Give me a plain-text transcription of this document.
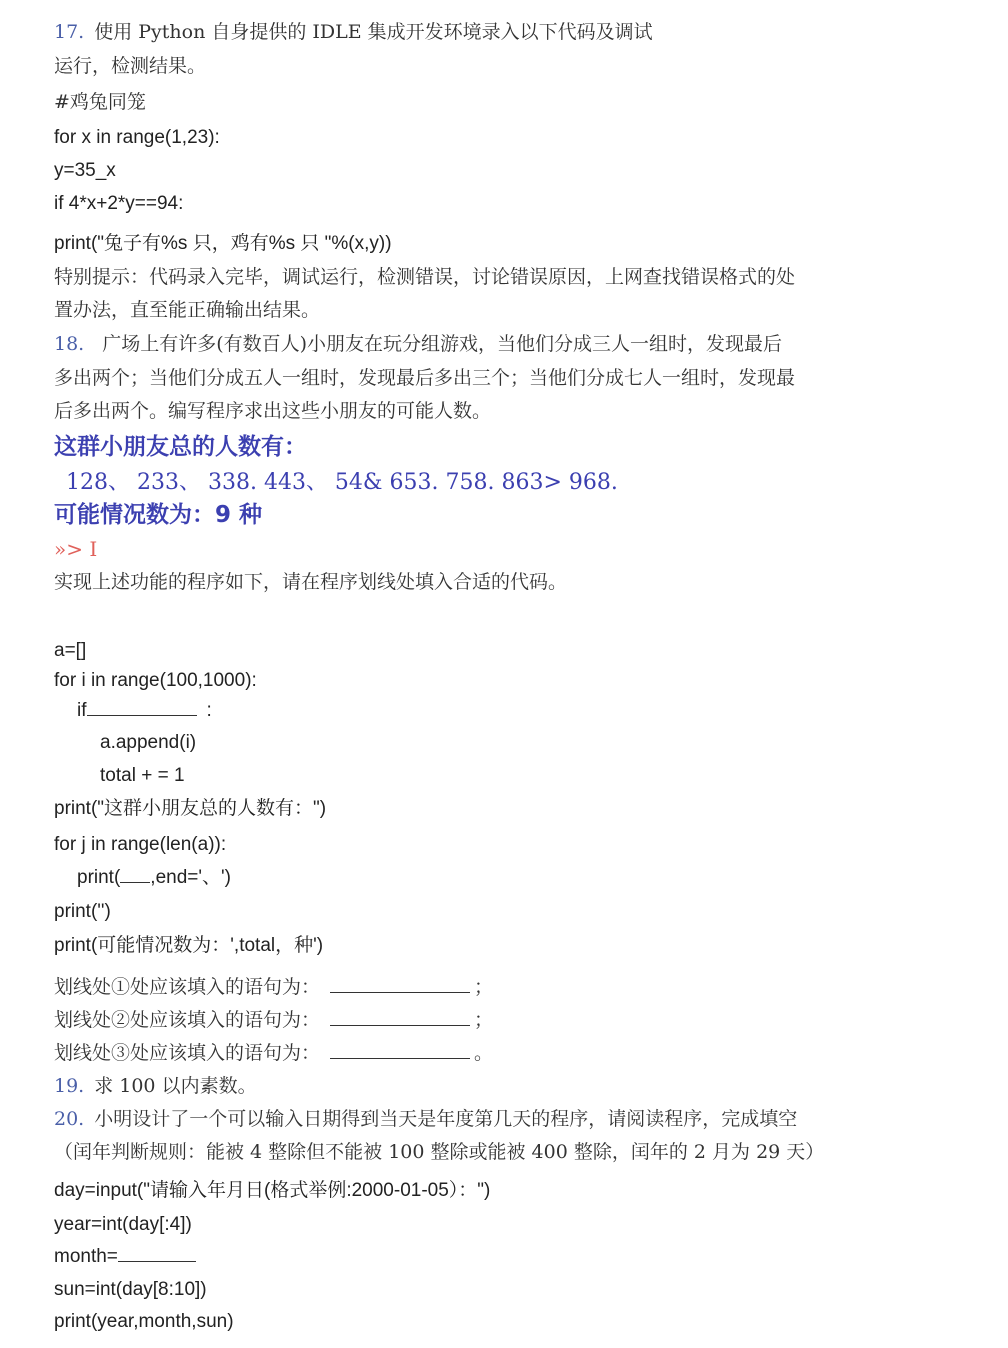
17. 使用 Python 自身提供的 IDLE 集成开发环境录入以下代码及调试
运行，检测结果。
#鸡兔同笼
for x in range(1,23):
y=35_x
if 4*x+2*y==94:
print("兔子有%s 只，鸡有%s 只 "%(x,y))
特别提示：代码录入完毕，调试运行，检测错误，讨论错误原因，上网查找错误格式的处
置办法，直至能正确输出结果。
18. 广场上有许多(有数百人)小朋友在玩分组游戏，当他们分成三人一组时，发现最后
多出两个；当他们分成五人一组时，发现最后多出三个；当他们分成七人一组时，发现最
后多出两个。编写程序求出这些小朋友的可能人数。
这群小朋友总的人数有：
128、 233、 338. 443、 54& 653. 758. 863> 968.
可能情况数为：9 种
»> I
实现上述功能的程序如下，请在程序划线处填入合适的代码。
a=[]
for i in range(100,1000):
if	:
a.append(i)
total + = 1
print("这群小朋友总的人数有：")
for j in range(len(a)):
print( ,end='、')
print('')
print(可能情况数为：',total，种')
划线处①处应该填入的语句为：	；
划线处②处应该填入的语句为：	；
划线处③处应该填入的语句为：	。
19. 求 100 以内素数。
20. 小明设计了一个可以输入日期得到当天是年度第几天的程序，请阅读程序，完成填空
（闰年判断规则：能被 4 整除但不能被 100 整除或能被 400 整除，闰年的 2 月为 29 天）
day=input("请输入年月日(格式举例:2000-01-05）：")
year=int(day[:4])
month=
sun=int(day[8:10])
print(year,month,sun)
